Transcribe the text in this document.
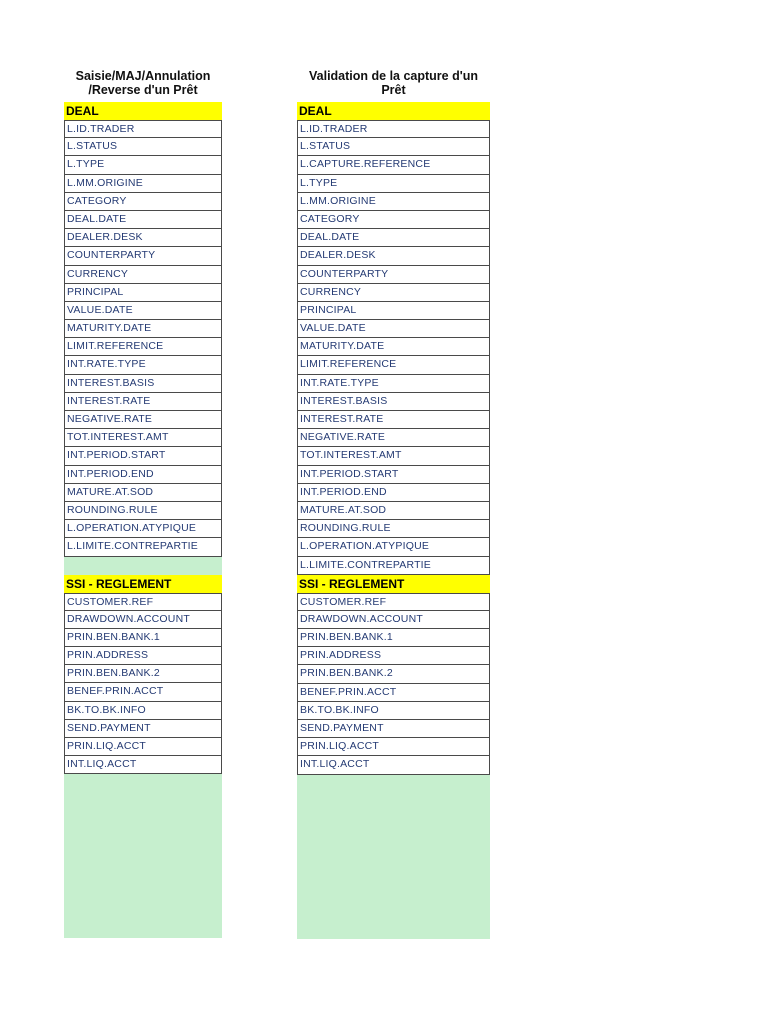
Saisie/MAJ/Annulation
/Reverse d'un Prêt
DEAL
L.ID.TRADER
L.STATUS
L.TYPE
L.MM.ORIGINE
CATEGORY
DEAL.DATE
DEALER.DESK
COUNTERPARTY
CURRENCY
PRINCIPAL
VALUE.DATE
MATURITY.DATE
LIMIT.REFERENCE
INT.RATE.TYPE
INTEREST.BASIS
INTEREST.RATE
NEGATIVE.RATE
TOT.INTEREST.AMT
INT.PERIOD.START
INT.PERIOD.END
MATURE.AT.SOD
ROUNDING.RULE
L.OPERATION.ATYPIQUE
L.LIMITE.CONTREPARTIE
SSI - REGLEMENT
CUSTOMER.REF
DRAWDOWN.ACCOUNT
PRIN.BEN.BANK.1
PRIN.ADDRESS
PRIN.BEN.BANK.2
BENEF.PRIN.ACCT
BK.TO.BK.INFO
SEND.PAYMENT
PRIN.LIQ.ACCT
INT.LIQ.ACCT
Validation de la capture d'un
Prêt
DEAL
L.ID.TRADER
L.STATUS
L.CAPTURE.REFERENCE
L.TYPE
L.MM.ORIGINE
CATEGORY
DEAL.DATE
DEALER.DESK
COUNTERPARTY
CURRENCY
PRINCIPAL
VALUE.DATE
MATURITY.DATE
LIMIT.REFERENCE
INT.RATE.TYPE
INTEREST.BASIS
INTEREST.RATE
NEGATIVE.RATE
TOT.INTEREST.AMT
INT.PERIOD.START
INT.PERIOD.END
MATURE.AT.SOD
ROUNDING.RULE
L.OPERATION.ATYPIQUE
L.LIMITE.CONTREPARTIE
SSI - REGLEMENT
CUSTOMER.REF
DRAWDOWN.ACCOUNT
PRIN.BEN.BANK.1
PRIN.ADDRESS
PRIN.BEN.BANK.2
BENEF.PRIN.ACCT
BK.TO.BK.INFO
SEND.PAYMENT
PRIN.LIQ.ACCT
INT.LIQ.ACCT
